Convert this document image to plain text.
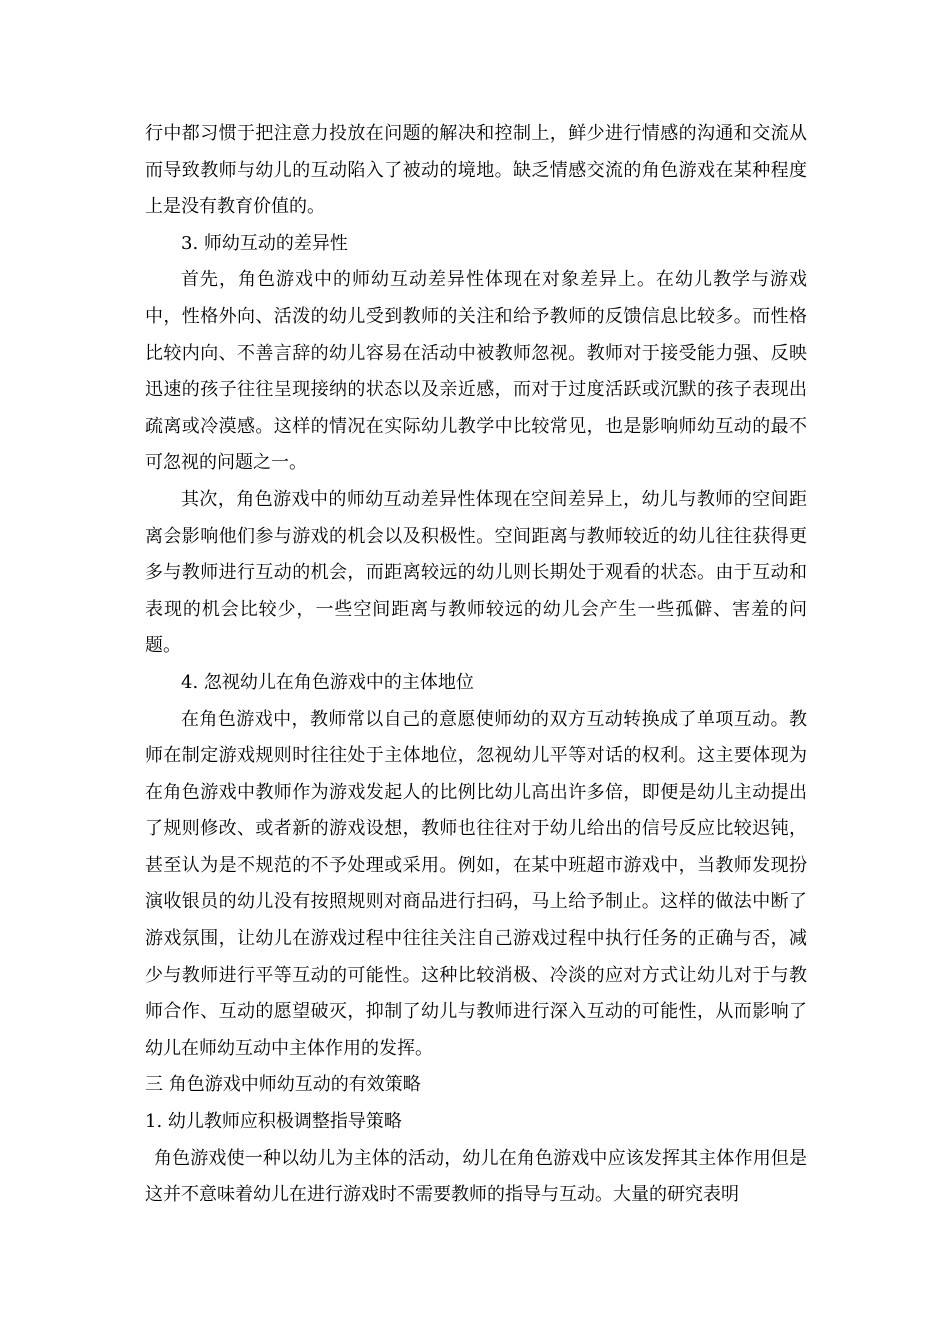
行中都习惯于把注意力投放在问题的解决和控制上，鲜少进行情感的沟通和交流从而导致教师与幼儿的互动陷入了被动的境地。缺乏情感交流的角色游戏在某种程度上是没有教育价值的。

3. 师幼互动的差异性

首先，角色游戏中的师幼互动差异性体现在对象差异上。在幼儿教学与游戏中，性格外向、活泼的幼儿受到教师的关注和给予教师的反馈信息比较多。而性格比较内向、不善言辞的幼儿容易在活动中被教师忽视。教师对于接受能力强、反映迅速的孩子往往呈现接纳的状态以及亲近感，而对于过度活跃或沉默的孩子表现出疏离或冷漠感。这样的情况在实际幼儿教学中比较常见，也是影响师幼互动的最不可忽视的问题之一。

其次，角色游戏中的师幼互动差异性体现在空间差异上，幼儿与教师的空间距离会影响他们参与游戏的机会以及积极性。空间距离与教师较近的幼儿往往获得更多与教师进行互动的机会，而距离较远的幼儿则长期处于观看的状态。由于互动和表现的机会比较少，一些空间距离与教师较远的幼儿会产生一些孤僻、害羞的问题。

4. 忽视幼儿在角色游戏中的主体地位

在角色游戏中，教师常以自己的意愿使师幼的双方互动转换成了单项互动。教师在制定游戏规则时往往处于主体地位，忽视幼儿平等对话的权利。这主要体现为在角色游戏中教师作为游戏发起人的比例比幼儿高出许多倍，即便是幼儿主动提出了规则修改、或者新的游戏设想，教师也往往对于幼儿给出的信号反应比较迟钝，甚至认为是不规范的不予处理或采用。例如，在某中班超市游戏中，当教师发现扮演收银员的幼儿没有按照规则对商品进行扫码，马上给予制止。这样的做法中断了游戏氛围，让幼儿在游戏过程中往往关注自己游戏过程中执行任务的正确与否，减少与教师进行平等互动的可能性。这种比较消极、冷淡的应对方式让幼儿对于与教师合作、互动的愿望破灭，抑制了幼儿与教师进行深入互动的可能性，从而影响了幼儿在师幼互动中主体作用的发挥。

三 角色游戏中师幼互动的有效策略

1. 幼儿教师应积极调整指导策略

角色游戏使一种以幼儿为主体的活动，幼儿在角色游戏中应该发挥其主体作用但是这并不意味着幼儿在进行游戏时不需要教师的指导与互动。大量的研究表明
